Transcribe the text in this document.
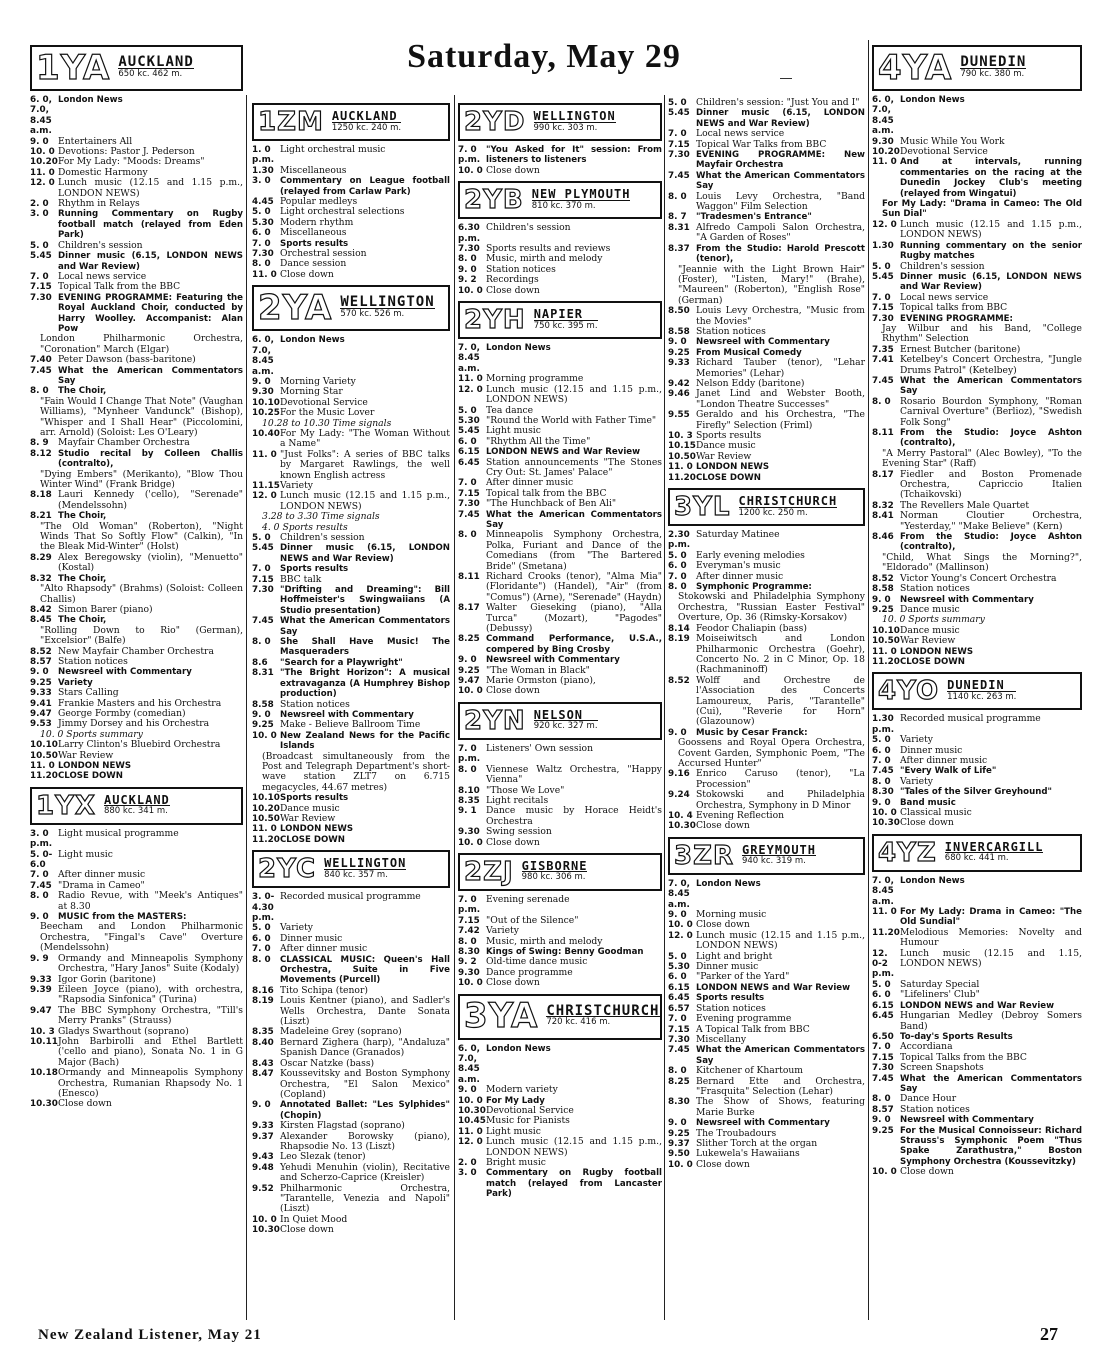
Saturday, May 29
1YA AUCKLAND
650 kc. 462 m.
6. 0, 7.0, 8.45 a.m.
London News
9. 0	Entertainers All
10. 0 Devotions: Pastor J. Pederson
10.20 For My Lady: "Moods: Dreams"
11. 0 Domestic Harmony
12. 0 Lunch music (12.15 and 1.15 p.m., LONDON NEWS)
2. 0	Rhythm in Relays
3. 0	Running Commentary on Rugby football match (relayed from Eden Park)
5. 0	Children's session
5.45 Dinner music (6.15, LONDON NEWS and War Review)
7. 0	Local news service
7.15 Topical Talk from the BBC
7.30 EVENING PROGRAMME: Featuring the Royal Auckland Choir, conducted by Harry Woolley. Accompanist: Alan Pow
London Philharmonic Orchestra, "Coronation" March (Elgar)
7.40 Peter Dawson (bass-baritone)
7.45 What the American Commentators Say
8. 0	The Choir,
"Fain Would I Change That Note" (Vaughan Williams), "Mynheer Vandunck" (Bishop), "Whisper and I Shall Hear" (Piccolomini, arr. Arnold) (Soloist: Les O'Leary)
8. 9	Mayfair Chamber Orchestra
8.12 Studio recital by Colleen Challis (contralto),
"Dying Embers" (Merikanto), "Blow Thou Winter Wind" (Frank Bridge)
8.18 Lauri Kennedy ('cello), "Serenade" (Mendelssohn)
8.21 The Choir,
"The Old Woman" (Roberton), "Night Winds That So Softly Flow" (Calkin), "In the Bleak Mid-Winter" (Holst)
8.29 Alex Beregowsky (violin), "Menuetto" (Kostal)
8.32 The Choir,
"Alto Rhapsody" (Brahms) (Soloist: Colleen Challis)
8.42 Simon Barer (piano)
8.45 The Choir,
"Rolling Down to Rio" (German), "Excelsior" (Balfe)
8.52 New Mayfair Chamber Orchestra
8.57 Station notices
9. 0	Newsreel with Commentary
9.25 Variety
9.33 Stars Calling
9.41 Frankie Masters and his Orchestra
9.47 George Formby (comedian)
9.53 Jimmy Dorsey and his Orchestra
10. 0 Sports summary
10.10 Larry Clinton's Bluebird Orchestra
10.50 War Review
11. 0 LONDON NEWS
11.20 CLOSE DOWN
1YX AUCKLAND
880 kc. 341 m.
3. 0 p.m.
Light musical programme
5. 0-6.0
Light music
7. 0	After dinner music
7.45 "Drama in Cameo"
8. 0	Radio Revue, with "Meek's Antiques" at 8.30
9. 0	MUSIC from the MASTERS:
Beecham and London Philharmonic Orchestra, "Fingal's Cave" Overture (Mendelssohn)
9. 9	Ormandy and Minneapolis Symphony Orchestra, "Hary Janos" Suite (Kodaly)
9.33 Igor Gorin (baritone)
9.39 Eileen Joyce (piano), with orchestra, "Rapsodia Sinfonica" (Turina)
9.47 The BBC Symphony Orchestra, "Till's Merry Pranks" (Strauss)
10. 3 Gladys Swarthout (soprano)
10.11 John Barbirolli and Ethel Bartlett ('cello and piano), Sonata No. 1 in G Major (Bach)
10.18 Ormandy and Minneapolis Symphony Orchestra, Rumanian Rhapsody No. 1 (Enesco)
10.30 Close down
1ZM AUCKLAND
1250 kc. 240 m.
1. 0 p.m.
Light orchestral music
1.30 Miscellaneous
3. 0	Commentary on League football (relayed from Carlaw Park)
4.45 Popular medleys
5. 0	Light orchestral selections
5.30 Modern rhythm
6. 0	Miscellaneous
7. 0	Sports results
7.30 Orchestral session
8. 0	Dance session
11. 0 Close down
2YA WELLINGTON
570 kc. 526 m.
6. 0, 7.0, 8.45 a.m.
London News
9. 0	Morning Variety
9.30 Morning Star
10.10 Devotional Service
10.25 For the Music Lover
10.28 to 10.30 Time signals
10.40 For My Lady: "The Woman Without a Name"
11. 0 "Just Folks": A series of BBC talks by Margaret Rawlings, the well known English actress
11.15 Variety
12. 0 Lunch music (12.15 and 1.15 p.m., LONDON NEWS)
3.28 to 3.30 Time signals
4. 0 Sports results
5. 0	Children's session
5.45 Dinner music (6.15, LONDON NEWS and War Review)
7. 0	Sports results
7.15 BBC talk
7.30 "Drifting and Dreaming": Bill Hoffmeister's Swingwaiians (A Studio presentation)
7.45 What the American Commentators Say
8. 0	She Shall Have Music! The Masqueraders
8.6	"Search for a Playwright"
8.31 "The Bright Horizon": A musical extravaganza (A Humphrey Bishop production)
8.58 Station notices
9. 0	Newsreel with Commentary
9.25 Make - Believe Ballroom Time
10. 0 New Zealand News for the Pacific Islands
(Broadcast simultaneously from the Post and Telegraph Department's short-wave station ZLT7 on 6.715 megacycles, 44.67 metres)
10.10 Sports results
10.20 Dance music
10.50 War Review
11. 0 LONDON NEWS
11.20 CLOSE DOWN
2YC WELLINGTON
840 kc. 357 m.
3. 0-4.30 p.m.
Recorded musical programme
5. 0	Variety
6. 0	Dinner music
7. 0	After dinner music
8. 0	CLASSICAL MUSIC: Queen's Hall Orchestra, Suite in Five Movements (Purcell)
8.16 Tito Schipa (tenor)
8.19 Louis Kentner (piano), and Sadler's Wells Orchestra, Dante Sonata (Liszt)
8.35 Madeleine Grey (soprano)
8.40 Bernard Zighera (harp), "Andaluza" Spanish Dance (Granados)
8.43 Oscar Natzke (bass)
8.47 Koussevitsky and Boston Symphony Orchestra, "El Salon Mexico" (Copland)
9. 0	Annotated Ballet: "Les Sylphides" (Chopin)
9.33 Kirsten Flagstad (soprano)
9.37 Alexander Borowsky (piano), Rhapsodie No. 13 (Liszt)
9.43 Leo Slezak (tenor)
9.48 Yehudi Menuhin (violin), Recitative and Scherzo-Caprice (Kreisler)
9.52 Philharmonic Orchestra, "Tarantelle, Venezia and Napoli" (Liszt)
10. 0 In Quiet Mood
10.30 Close down
2YD WELLINGTON
990 kc. 303 m.
7. 0 p.m.
"You Asked for It" session: From listeners to listeners
10. 0 Close down
2YB NEW PLYMOUTH
810 kc. 370 m.
6.30 p.m.
Children's session
7.30 Sports results and reviews
8. 0	Music, mirth and melody
9. 0	Station notices
9. 2	Recordings
10. 0 Close down
2YH NAPIER
750 kc. 395 m.
7. 0, 8.45 a.m.
London News
11. 0 Morning programme
12. 0 Lunch music (12.15 and 1.15 p.m., LONDON NEWS)
5. 0	Tea dance
5.30 "Round the World with Father Time"
5.45 Light music
6. 0	"Rhythm All the Time"
6.15 LONDON NEWS and War Review
6.45 Station announcements "The Stones Cry Out: St. James' Palace"
7. 0	After dinner music
7.15 Topical talk from the BBC
7.30 "The Hunchback of Ben Ali"
7.45 What the American Commentators Say
8. 0	Minneapolis Symphony Orchestra, Polka, Furiant and Dance of the Comedians (from "The Bartered Bride" (Smetana)
8.11 Richard Crooks (tenor), "Alma Mia" (Floridante") (Handel), "Air" (from "Comus") (Arne), "Serenade" (Haydn)
8.17 Walter Gieseking (piano), "Alla Turca" (Mozart), "Pagodes" (Debussy)
8.25 Command Performance, U.S.A., compered by Bing Crosby
9. 0	Newsreel with Commentary
9.25 "The Woman in Black"
9.47 Marie Ormston (piano),
10. 0 Close down
2YN NELSON
920 kc. 327 m.
7. 0 p.m.
Listeners' Own session
8. 0	Viennese Waltz Orchestra, "Happy Vienna"
8.10 "Those We Love"
8.35 Light recitals
9. 1	Dance music by Horace Heidt's Orchestra
9.30 Swing session
10. 0 Close down
2ZJ GISBORNE
980 kc. 306 m.
7. 0 p.m.
Evening serenade
7.15 "Out of the Silence"
7.42 Variety
8. 0	Music, mirth and melody
8.30 Kings of Swing: Benny Goodman
9. 2	Old-time dance music
9.30 Dance programme
10. 0 Close down
3YA CHRISTCHURCH
720 kc. 416 m.
6. 0, 7.0, 8.45 a.m.
London News
9. 0	Modern variety
10. 0 For My Lady
10.30 Devotional Service
10.45 Music for Pianists
11. 0 Light music
12. 0 Lunch music (12.15 and 1.15 p.m., LONDON NEWS)
2. 0	Bright music
3. 0	Commentary on Rugby football match (relayed from Lancaster Park)
5. 0	Children's session: "Just You and I"
5.45 Dinner music (6.15, LONDON NEWS and War Review)
7. 0	Local news service
7.15 Topical War Talks from BBC
7.30 EVENING PROGRAMME: New Mayfair Orchestra
7.45 What the American Commentators Say
8. 0	Louis Levy Orchestra, "Band Waggon" Film Selection
8. 7	"Tradesmen's Entrance"
8.31 Alfredo Campoli Salon Orchestra, "A Garden of Roses"
8.37 From the Studio: Harold Prescott (tenor),
"Jeannie with the Light Brown Hair" (Foster), "Listen, Mary!" (Brahe), "Maureen" (Roberton), "English Rose" (German)
8.50 Louis Levy Orchestra, "Music from the Movies"
8.58 Station notices
9. 0	Newsreel with Commentary
9.25 From Musical Comedy
9.33 Richard Tauber (tenor), "Lehar Memories" (Lehar)
9.42 Nelson Eddy (baritone)
9.46 Janet Lind and Webster Booth, "London Theatre Successes"
9.55 Geraldo and his Orchestra, "The Firefly" Selection (Friml)
10. 3 Sports results
10.15 Dance music
10.50 War Review
11. 0 LONDON NEWS
11.20 CLOSE DOWN
3YL CHRISTCHURCH
1200 kc. 250 m.
2.30 p.m.
Saturday Matinee
5. 0	Early evening melodies
6. 0	Everyman's music
7. 0	After dinner music
8. 0	Symphonic Programme:
Stokowski and Philadelphia Symphony Orchestra, "Russian Easter Festival" Overture, Op. 36 (Rimsky-Korsakov)
8.14 Feodor Chaliapin (bass)
8.19 Moiseiwitsch and London Philharmonic Orchestra (Goehr), Concerto No. 2 in C Minor, Op. 18 (Rachmaninoff)
8.52 Wolff and Orchestre de l'Association des Concerts Lamoureux, Paris, "Tarantelle" (Cui), "Reverie for Horn" (Glazounow)
9. 0	Music by Cesar Franck:
Goossens and Royal Opera Orchestra, Covent Garden, Symphonic Poem, "The Accursed Hunter"
9.16 Enrico Caruso (tenor), "La Procession"
9.24 Stokowski and Philadelphia Orchestra, Symphony in D Minor
10. 4 Evening Reflection
10.30 Close down
3ZR GREYMOUTH
940 kc. 319 m.
7. 0, 8.45 a.m.
London News
9. 0	Morning music
10. 0 Close down
12. 0 Lunch music (12.15 and 1.15 p.m., LONDON NEWS)
5. 0	Light and bright
5.30 Dinner music
6. 0	"Parker of the Yard"
6.15 LONDON NEWS and War Review
6.45 Sports results
6.57 Station notices
7. 0	Evening programme
7.15 A Topical Talk from BBC
7.30 Miscellany
7.45 What the American Commentators Say
8. 0	Kitchener of Khartoum
8.25 Bernard Ette and Orchestra, "Frasquita" Selection (Lehar)
8.30 The Show of Shows, featuring Marie Burke
9. 0	Newsreel with Commentary
9.25 The Troubadours
9.37 Slither Torch at the organ
9.50 Lukewela's Hawaiians
10. 0 Close down
4YA DUNEDIN
790 kc. 380 m.
6. 0, 7.0, 8.45 a.m.
London News
9.30 Music While You Work
10.20 Devotional Service
11. 0 And at intervals, running commentaries on the racing at the Dunedin Jockey Club's meeting (relayed from Wingatui)
For My Lady: "Drama in Cameo: The Old Sun Dial"
12. 0 Lunch music (12.15 and 1.15 p.m., LONDON NEWS)
1.30 Running commentary on the senior Rugby matches
5. 0	Children's session
5.45 Dinner music (6.15, LONDON NEWS and War Review)
7. 0	Local news service
7.15 Topical talks from BBC
7.30 EVENING PROGRAMME:
Jay Wilbur and his Band, "College Rhythm" Selection
7.35 Ernest Butcher (baritone)
7.41 Ketelbey's Concert Orchestra, "Jungle Drums Patrol" (Ketelbey)
7.45 What the American Commentators Say
8. 0	Rosario Bourdon Symphony, "Roman Carnival Overture" (Berlioz), "Swedish Folk Song"
8.11 From the Studio: Joyce Ashton (contralto),
"A Merry Pastoral" (Alec Bowley), "To the Evening Star" (Raff)
8.17 Fiedler and Boston Promenade Orchestra, Capriccio Italien (Tchaikovski)
8.32 The Revellers Male Quartet
8.41 Norman Cloutier Orchestra, "Yesterday," "Make Believe" (Kern)
8.46 From the Studio: Joyce Ashton (contralto),
"Child, What Sings the Morning?", "Eldorado" (Mallinson)
8.52 Victor Young's Concert Orchestra
8.58 Station notices
9. 0	Newsreel with Commentary
9.25 Dance music
10. 0 Sports summary
10.10 Dance music
10.50 War Review
11. 0 LONDON NEWS
11.20 CLOSE DOWN
4YO DUNEDIN
1140 kc. 263 m.
1.30 p.m.
Recorded musical programme
5. 0	Variety
6. 0	Dinner music
7. 0	After dinner music
7.45 "Every Walk of Life"
8. 0	Variety
8.30 "Tales of the Silver Greyhound"
9. 0	Band music
10. 0 Classical music
10.30 Close down
4YZ INVERCARGILL
680 kc. 441 m.
7. 0, 8.45 a.m.
London News
11. 0 For My Lady: Drama in Cameo: "The Old Sundial"
11.20 Melodious Memories: Novelty and Humour
12. 0-2 p.m.
Lunch music (12.15 and 1.15, LONDON NEWS)
5. 0	Saturday Special
6. 0	"Lifeliners' Club"
6.15 LONDON NEWS and War Review
6.45 Hungarian Medley (Debroy Somers Band)
6.50 To-day's Sports Results
7. 0	Accordiana
7.15 Topical Talks from the BBC
7.30 Screen Snapshots
7.45 What the American Commentators Say
8. 0	Dance Hour
8.57 Station notices
9. 0	Newsreel with Commentary
9.25 For the Musical Connoisseur: Richard Strauss's Symphonic Poem "Thus Spake Zarathustra," Boston Symphony Orchestra (Koussevitzky)
10. 0 Close down
New Zealand Listener, May 21	27
